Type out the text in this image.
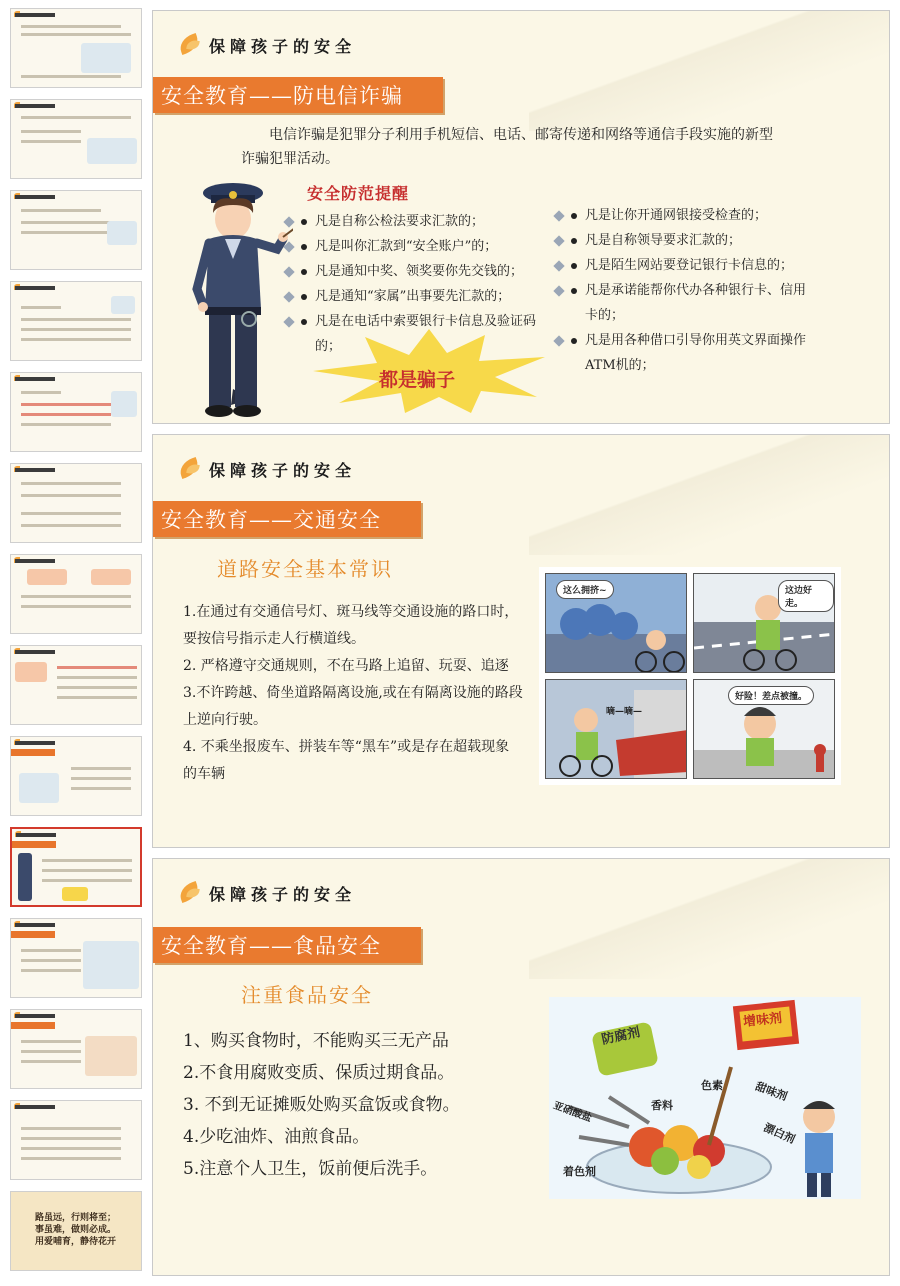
路虽远，行则将至；
事虽难，做则必成。
用爱哺育，静待花开
保障孩子的安全
安全教育——防电信诈骗
电信诈骗是犯罪分子利用手机短信、电话、邮寄传递和网络等通信手段实施的新型诈骗犯罪活动。
安全防范提醒
凡是自称公检法要求汇款的；
凡是叫你汇款到“安全账户”的；
凡是通知中奖、领奖要你先交钱的；
凡是通知“家属”出事要先汇款的；
凡是在电话中索要银行卡信息及验证码的；
凡是让你开通网银接受检查的；
凡是自称领导要求汇款的；
凡是陌生网站要登记银行卡信息的；
凡是承诺能帮你代办各种银行卡、信用卡的；
凡是用各种借口引导你用英文界面操作ATM机的；
都是骗子
保障孩子的安全
安全教育——交通安全
道路安全基本常识
1.在通过有交通信号灯、斑马线等交通设施的路口时，要按信号指示走人行横道线。
2. 严格遵守交通规则，不在马路上追留、玩耍、追逐
3.不许跨越、倚坐道路隔离设施,或在有隔离设施的路段上逆向行驶。
4. 不乘坐报废车、拼装车等“黑车”或是存在超载现象的车辆
这么拥挤~	这边好走。
嘀—嘀—
好险！差点被撞。
保障孩子的安全
安全教育——食品安全
注重食品安全
1、购买食物时，不能购买三无产品
2.不食用腐败变质、保质过期食品。
3. 不到无证摊贩处购买盒饭或食物。
4.少吃油炸、油煎食品。
5.注意个人卫生，饭前便后洗手。
防腐剂
增味剂
色素
香料
甜味剂
亚硝酸盐
漂白剂
着色剂
